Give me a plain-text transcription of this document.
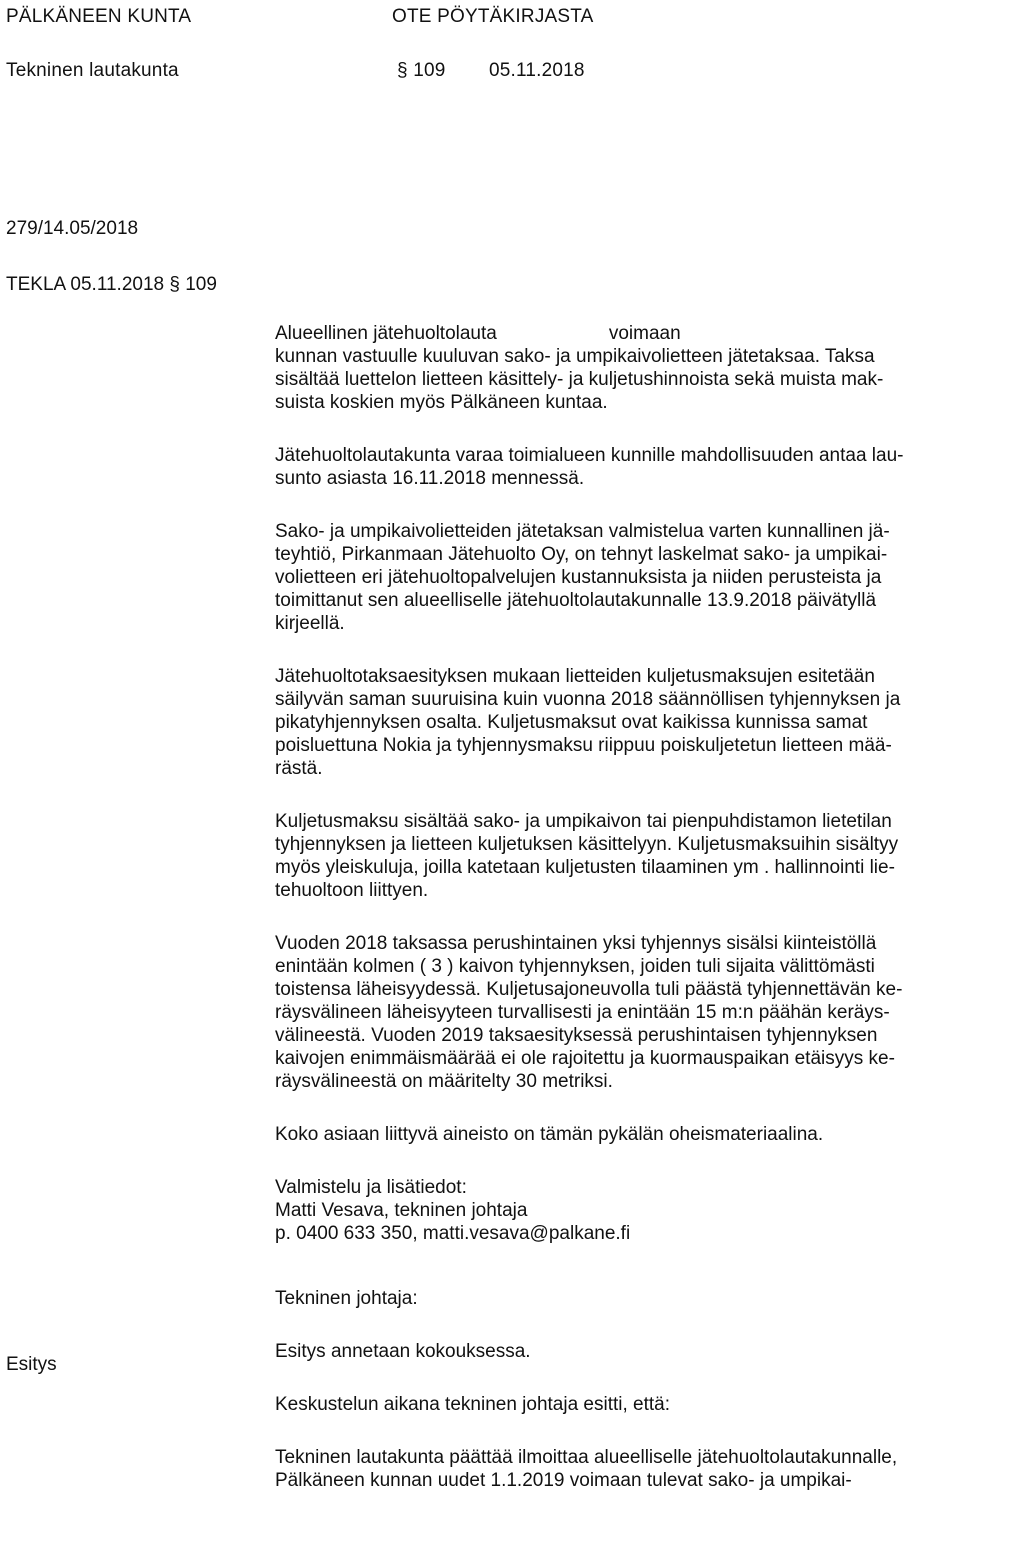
PÄLKÄNEEN KUNTA	OTE PÖYTÄKIRJASTA
Tekninen lautakunta	§ 109 05.11.2018
279/14.05/2018
TEKLA 05.11.2018 § 109
Esitys
Alueellinen jätehuoltolauta	voimaan
kunnan vastuulle kuuluvan sako- ja umpikaivolietteen jätetaksaa. Taksa
sisältää luettelon lietteen käsittely- ja kuljetushinnoista sekä muista mak-
suista koskien myös Pälkäneen kuntaa.
Jätehuoltolautakunta varaa toimialueen kunnille mahdollisuuden antaa lau-
sunto asiasta 16.11.2018 mennessä.
Sako- ja umpikaivolietteiden jätetaksan valmistelua varten kunnallinen jä-
teyhtiö, Pirkanmaan Jätehuolto Oy, on tehnyt laskelmat sako- ja umpikai-
volietteen eri jätehuoltopalvelujen kustannuksista ja niiden perusteista ja
toimittanut sen alueelliselle jätehuoltolautakunnalle 13.9.2018 päivätyllä
kirjeellä.
Jätehuoltotaksaesityksen mukaan lietteiden kuljetusmaksujen esitetään
säilyvän saman suuruisina kuin vuonna 2018 säännöllisen tyhjennyksen ja
pikatyhjennyksen osalta. Kuljetusmaksut ovat kaikissa kunnissa samat
poisluettuna Nokia ja tyhjennysmaksu riippuu poiskuljetetun lietteen mää-
rästä.
Kuljetusmaksu sisältää sako- ja umpikaivon tai pienpuhdistamon lietetilan
tyhjennyksen ja lietteen kuljetuksen käsittelyyn. Kuljetusmaksuihin sisältyy
myös yleiskuluja, joilla katetaan kuljetusten tilaaminen ym . hallinnointi lie-
tehuoltoon liittyen.
Vuoden 2018 taksassa perushintainen yksi tyhjennys sisälsi kiinteistöllä
enintään kolmen ( 3 ) kaivon tyhjennyksen, joiden tuli sijaita välittömästi
toistensa läheisyydessä. Kuljetusajoneuvolla tuli päästä tyhjennettävän ke-
räysvälineen läheisyyteen turvallisesti ja enintään 15 m:n päähän keräys-
välineestä. Vuoden 2019 taksaesityksessä perushintaisen tyhjennyksen
kaivojen enimmäismäärää ei ole rajoitettu ja kuormauspaikan etäisyys ke-
räysvälineestä on määritelty 30 metriksi.
Koko asiaan liittyvä aineisto on tämän pykälän oheismateriaalina.
Valmistelu ja lisätiedot:
Matti Vesava, tekninen johtaja
p. 0400 633 350, matti.vesava@palkane.fi
Tekninen johtaja:
Esitys annetaan kokouksessa.
Keskustelun aikana tekninen johtaja esitti, että:
Tekninen lautakunta päättää ilmoittaa alueelliselle jätehuoltolautakunnalle,
Pälkäneen kunnan uudet 1.1.2019 voimaan tulevat sako- ja umpikai-
